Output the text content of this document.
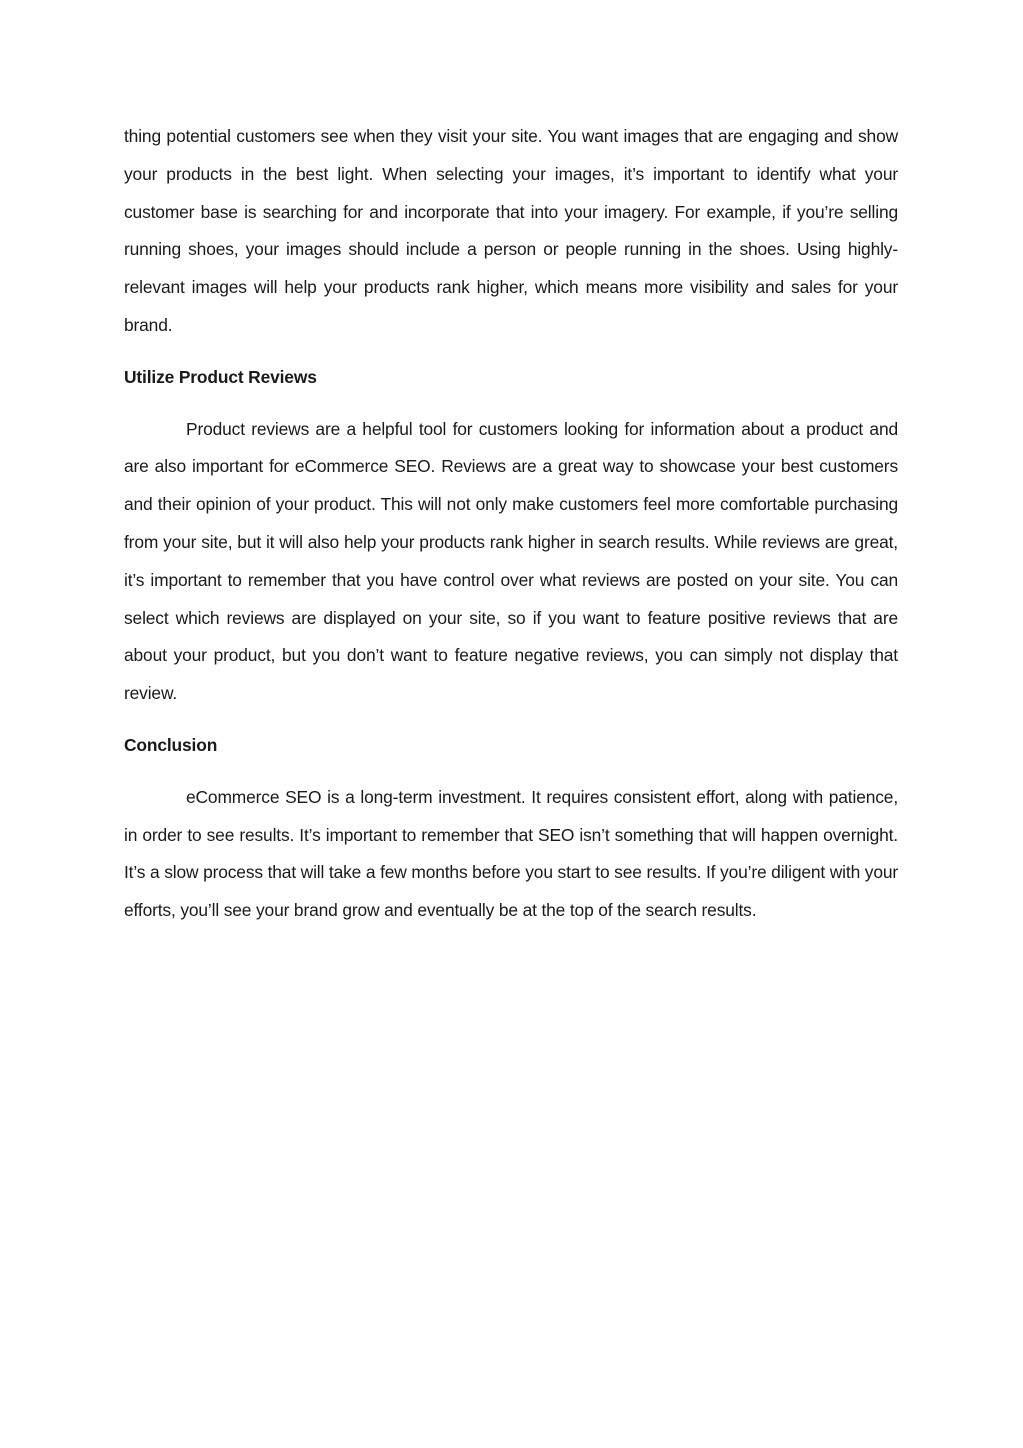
thing potential customers see when they visit your site. You want images that are engaging and show your products in the best light. When selecting your images, it’s important to identify what your customer base is searching for and incorporate that into your imagery. For example, if you’re selling running shoes, your images should include a person or people running in the shoes. Using highly-relevant images will help your products rank higher, which means more visibility and sales for your brand.

Utilize Product Reviews

Product reviews are a helpful tool for customers looking for information about a product and are also important for eCommerce SEO. Reviews are a great way to showcase your best customers and their opinion of your product. This will not only make customers feel more comfortable purchasing from your site, but it will also help your products rank higher in search results. While reviews are great, it’s important to remember that you have control over what reviews are posted on your site. You can select which reviews are displayed on your site, so if you want to feature positive reviews that are about your product, but you don’t want to feature negative reviews, you can simply not display that review.

Conclusion

eCommerce SEO is a long-term investment. It requires consistent effort, along with patience, in order to see results. It’s important to remember that SEO isn’t something that will happen overnight. It’s a slow process that will take a few months before you start to see results. If you’re diligent with your efforts, you’ll see your brand grow and eventually be at the top of the search results.
